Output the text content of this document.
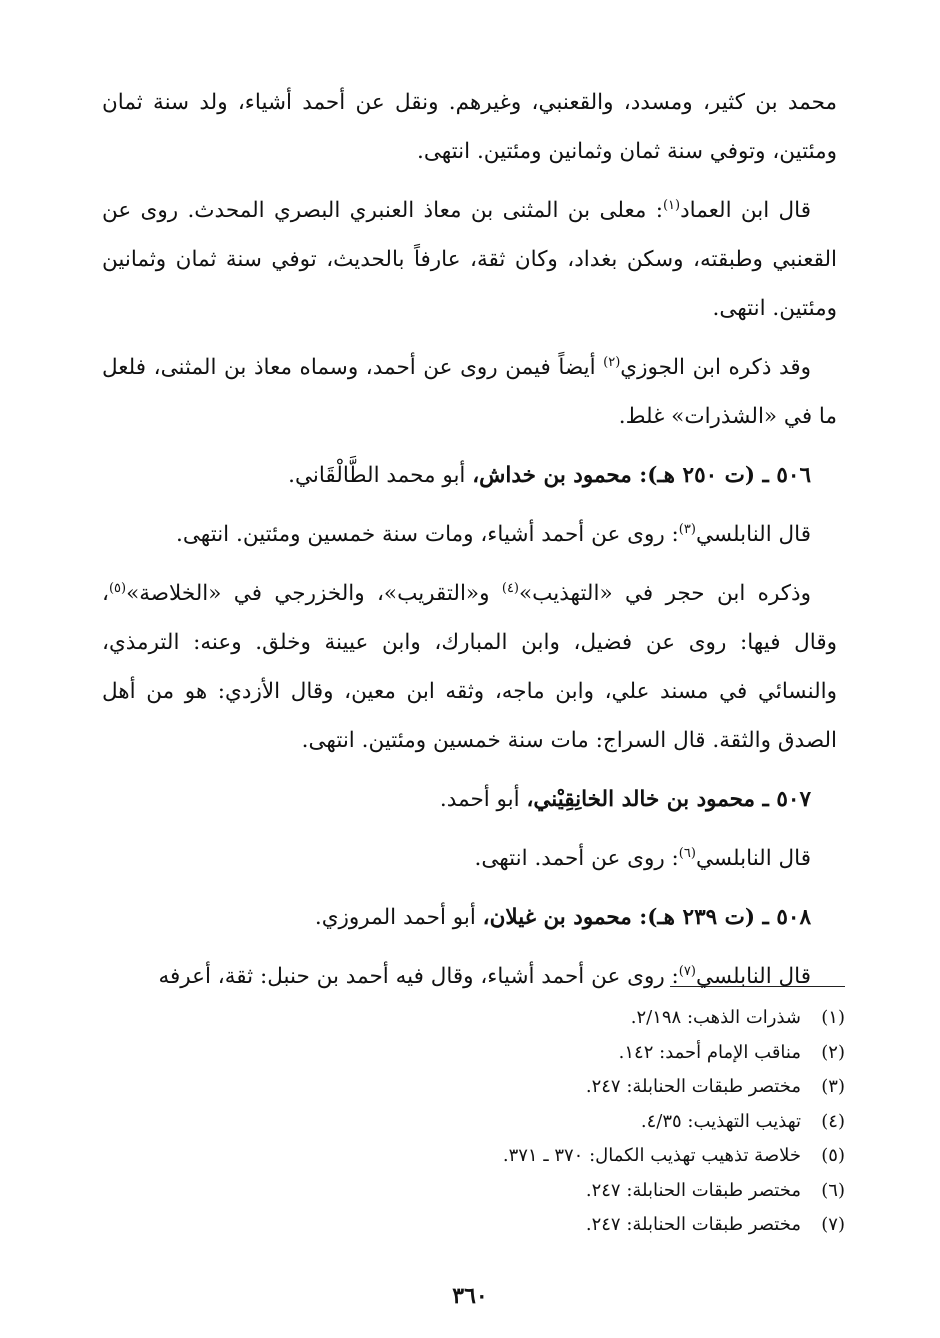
محمد بن كثير، ومسدد، والقعنبي، وغيرهم. ونقل عن أحمد أشياء، ولد سنة ثمان ومئتين، وتوفي سنة ثمان وثمانين ومئتين. انتهى.

قال ابن العماد$^{(١)}$: معلى بن المثنى بن معاذ العنبري البصري المحدث. روى عن القعنبي وطبقته، وسكن بغداد، وكان ثقة، عارفاً بالحديث، توفي سنة ثمان وثمانين ومئتين. انتهى.

وقد ذكره ابن الجوزي$^{(٢)}$ أيضاً فيمن روى عن أحمد، وسماه معاذ بن المثنى، فلعل ما في «الشذرات» غلط.

٥٠٦ ـ (ت ٢٥٠ هـ): محمود بن خداش، أبو محمد الطَّالْقَاني.

قال النابلسي$^{(٣)}$: روى عن أحمد أشياء، ومات سنة خمسين ومئتين. انتهى.

وذكره ابن حجر في «التهذيب»$^{(٤)}$ و«التقريب»، والخزرجي في «الخلاصة»$^{(٥)}$، وقال فيها: روى عن فضيل، وابن المبارك، وابن عيينة وخلق. وعنه: الترمذي، والنسائي في مسند علي، وابن ماجه، وثقه ابن معين، وقال الأزدي: هو من أهل الصدق والثقة. قال السراج: مات سنة خمسين ومئتين. انتهى.

٥٠٧ ـ محمود بن خالد الخانِقِيْني، أبو أحمد.

قال النابلسي$^{(٦)}$: روى عن أحمد. انتهى.

٥٠٨ ـ (ت ٢٣٩ هـ): محمود بن غيلان، أبو أحمد المروزي.

قال النابلسي$^{(٧)}$: روى عن أحمد أشياء، وقال فيه أحمد بن حنبل: ثقة، أعرفه

(١)
شذرات الذهب: ٢/١٩٨.
(٢)
مناقب الإمام أحمد: ١٤٢.
(٣)
مختصر طبقات الحنابلة: ٢٤٧.
(٤)
تهذيب التهذيب: ٤/٣٥.
(٥)
خلاصة تذهيب تهذيب الكمال: ٣٧٠ ـ ٣٧١.
(٦)
مختصر طبقات الحنابلة: ٢٤٧.
(٧)
مختصر طبقات الحنابلة: ٢٤٧.
٣٦٠
